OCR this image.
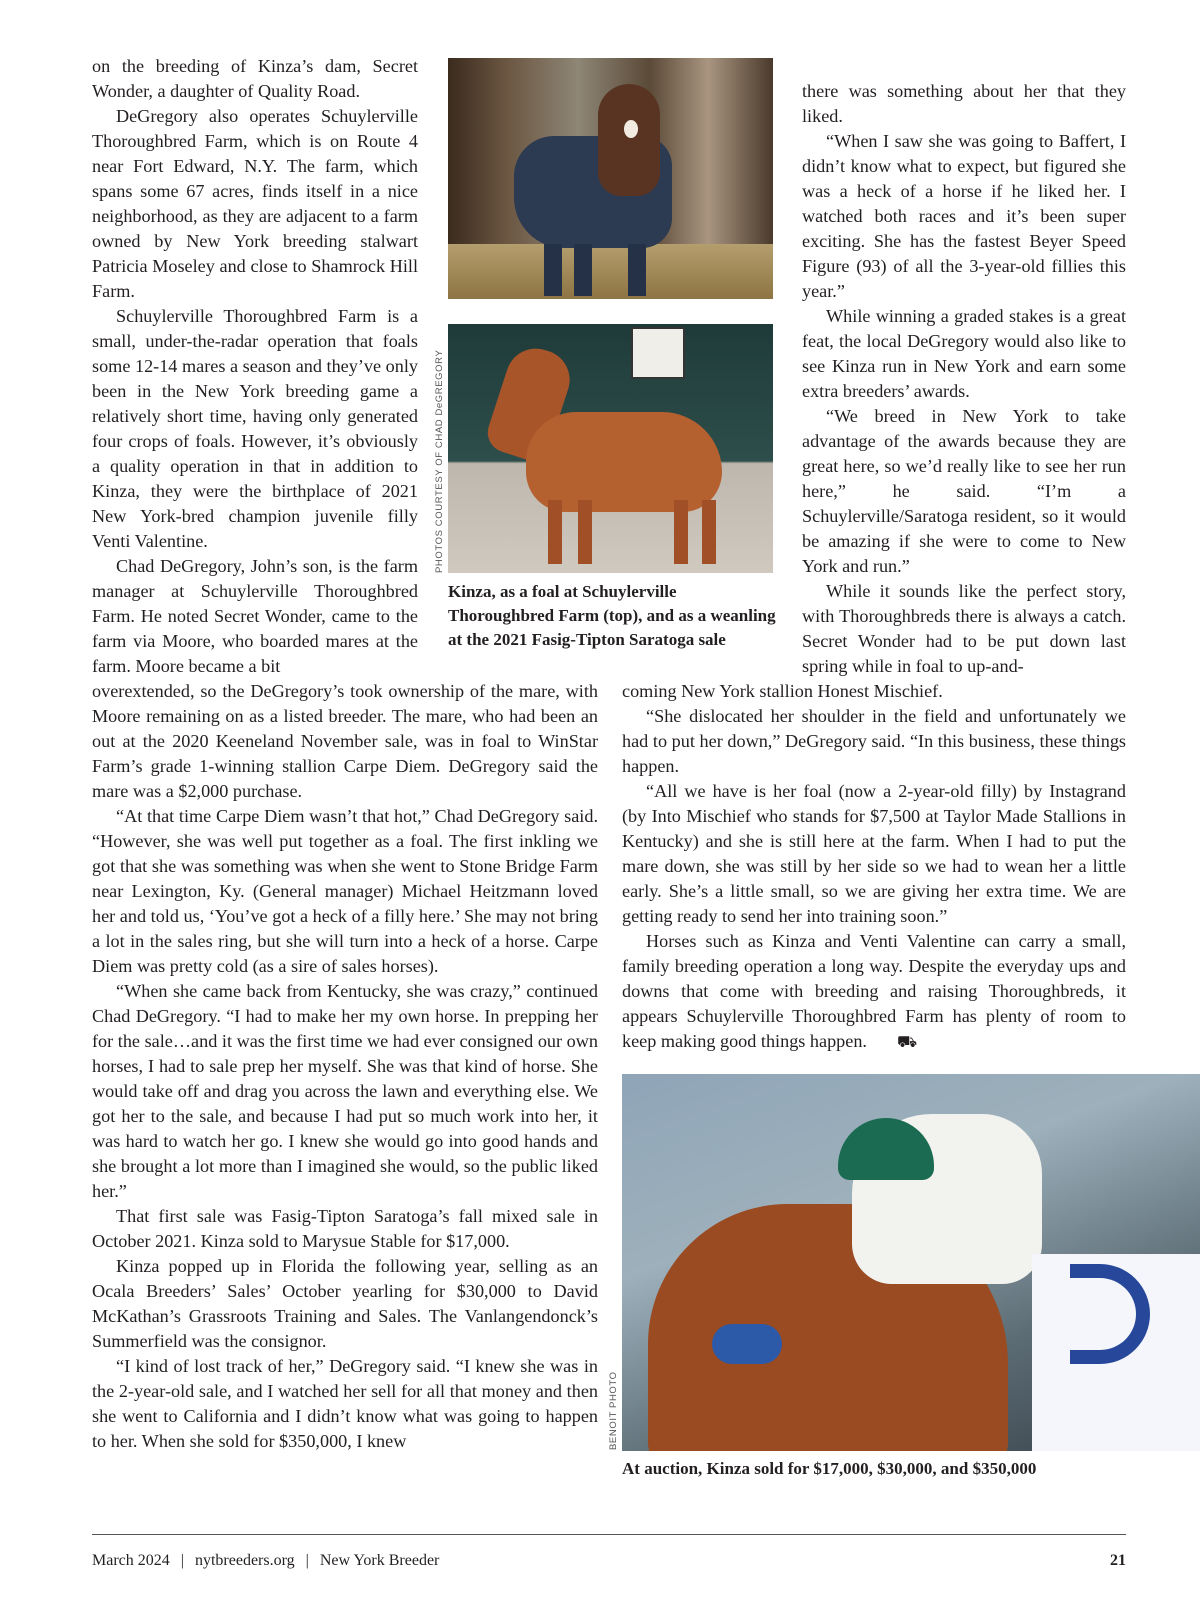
on the breeding of Kinza’s dam, Secret Wonder, a daughter of Quality Road.

DeGregory also operates Schuylerville Thoroughbred Farm, which is on Route 4 near Fort Edward, N.Y. The farm, which spans some 67 acres, finds itself in a nice neighborhood, as they are adjacent to a farm owned by New York breeding stalwart Patricia Moseley and close to Shamrock Hill Farm.

Schuylerville Thoroughbred Farm is a small, under-the-radar operation that foals some 12-14 mares a season and they’ve only been in the New York breeding game a relatively short time, having only generated four crops of foals. However, it’s obviously a quality operation in that in addition to Kinza, they were the birthplace of 2021 New York-bred champion juvenile filly Venti Valentine.

Chad DeGregory, John’s son, is the farm manager at Schuylerville Thoroughbred Farm. He noted Secret Wonder, came to the farm via Moore, who boarded mares at the farm. Moore became a bit

PHOTOS COURTESY OF CHAD DeGREGORY
Kinza, as a foal at Schuylerville Thoroughbred Farm (top), and as a weanling at the 2021 Fasig-Tipton Saratoga sale

there was something about her that they liked.

“When I saw she was going to Baffert, I didn’t know what to expect, but figured she was a heck of a horse if he liked her. I watched both races and it’s been super exciting. She has the fastest Beyer Speed Figure (93) of all the 3-year-old fillies this year.”

While winning a graded stakes is a great feat, the local DeGregory would also like to see Kinza run in New York and earn some extra breeders’ awards.

“We breed in New York to take advantage of the awards because they are great here, so we’d really like to see her run here,” he said. “I’m a Schuylerville/Saratoga resident, so it would be amazing if she were to come to New York and run.”

While it sounds like the perfect story, with Thoroughbreds there is always a catch. Secret Wonder had to be put down last spring while in foal to up-and-

overextended, so the DeGregory’s took ownership of the mare, with Moore remaining on as a listed breeder. The mare, who had been an out at the 2020 Keeneland November sale, was in foal to WinStar Farm’s grade 1-winning stallion Carpe Diem. DeGregory said the mare was a $2,000 purchase.

“At that time Carpe Diem wasn’t that hot,” Chad DeGregory said. “However, she was well put together as a foal. The first inkling we got that she was something was when she went to Stone Bridge Farm near Lexington, Ky. (General manager) Michael Heitzmann loved her and told us, ‘You’ve got a heck of a filly here.’ She may not bring a lot in the sales ring, but she will turn into a heck of a horse. Carpe Diem was pretty cold (as a sire of sales horses).

“When she came back from Kentucky, she was crazy,” continued Chad DeGregory. “I had to make her my own horse. In prepping her for the sale…and it was the first time we had ever consigned our own horses, I had to sale prep her myself. She was that kind of horse. She would take off and drag you across the lawn and everything else. We got her to the sale, and because I had put so much work into her, it was hard to watch her go. I knew she would go into good hands and she brought a lot more than I imagined she would, so the public liked her.”

That first sale was Fasig-Tipton Saratoga’s fall mixed sale in October 2021. Kinza sold to Marysue Stable for $17,000.

Kinza popped up in Florida the following year, selling as an Ocala Breeders’ Sales’ October yearling for $30,000 to David McKathan’s Grassroots Training and Sales. The Vanlangendonck’s Summerfield was the consignor.

“I kind of lost track of her,” DeGregory said. “I knew she was in the 2-year-old sale, and I watched her sell for all that money and then she went to California and I didn’t know what was going to happen to her. When she sold for $350,000, I knew

coming New York stallion Honest Mischief.

“She dislocated her shoulder in the field and unfortunately we had to put her down,” DeGregory said. “In this business, these things happen.

“All we have is her foal (now a 2-year-old filly) by Instagrand (by Into Mischief who stands for $7,500 at Taylor Made Stallions in Kentucky) and she is still here at the farm. When I had to put the mare down, she was still by her side so we had to wean her a little early. She’s a little small, so we are giving her extra time. We are getting ready to send her into training soon.”

Horses such as Kinza and Venti Valentine can carry a small, family breeding operation a long way. Despite the everyday ups and downs that come with breeding and raising Thoroughbreds, it appears Schuylerville Thoroughbred Farm has plenty of room to keep making good things happen. ⛟

BENOIT PHOTO
At auction, Kinza sold for $17,000, $30,000, and $350,000
March 2024 | nytbreeders.org | New York Breeder	21
